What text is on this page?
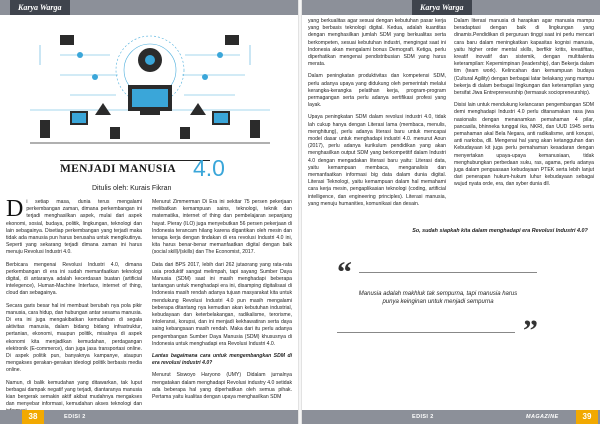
Karya Warga
MENJADI MANUSIA 4.0
Ditulis oleh: Kurais Fikran

Di setiap masa, dunia terus mengalami perkembangan zaman, dimana perkembangan ini terjadi menghasilkan aspek, mulai dari aspek ekonomi, sosial, budaya, politik, lingkungan, teknologi dan lain sebagainya. Disetiap perkembangan yang terjadi maka tidak ada manusia pun harus berusaha untuk mengikutinya. Seperti yang sekarang terjadi dimana zaman ini harus menuju Revolusi Industri 4.0.

Berbicara mengenai Revolusi Industri 4.0, dimana perkembangan di era ini sudah memanfaatkan teknologi digital, di antaranya adalah kecerdasan buatan (artificial intelegence), Human-Machine Interface, internet of thing, cloud dan sebagainya.

Secara garis besar hal ini membuat berubah nya pola pikir manusia, cara hidup, dan hubungan antar sesama manusia. Di era ini juga mengakibatkan kemudahan di segala aktivitas manusia, dalam bidang bidang infrastruktur, pertanian, ekonomi, maupun politik, misalnya di aspek ekonomi kita menjadikan kemudahan, perdagangan elektronik (E-commerce), dan juga jasa transportasi online. Di aspek politik pun, banyaknya kampanye, ataupun mengakses gerakan-gerakan ideologi politik berbasis media online.

Namun, di balik kemudahan yang ditawarkan, tak luput berbagai dampak negatif yang terjadi, diantaranya manusia kian bergerak semakin aktif akibat mudahnya mengakses dan menyebar informasi, kemudahan akses teknologi dan

Menurut Zimmerman Di Era ini sekitar 75 persen pekerjaan melibatkan kemampuan sains, teknologi, teknik dan matematika, internet of thing dan pembelajaran sepanjang hayat. Pieray (ILO) juga menyebutkan 56 persen pekerjaan di Indonesia terancam hilang karena digantikan oleh mesin dan tenaga kerja dengan tindakan di era revolusi Industri 4.0 ini, kita harus benar-benar memanfaatkan digital dengan baik (social skill)/(skills) dan The Economist, 2017.

Data dari BPS 2017, lebih dari 262 jutaorang yang rata-rata usia produktif sangat melimpah, tapi sayang Sumber Daya Manusia (SDM) saat ini masih menghadapi beberapa tantangan untuk menghadapi era ini, disamping digitalisasi di Indonesia masih rendah adanya tujuan masyarakat kita untuk mendukung Revolusi Industri 4.0 pun masih mengalami beberapa ditantang nya kemudian akan kebutuhan industrial, kebudayaan dan keterbelakangan, radikalisme, terorisme, intoleransi, korupsi, dan ini menjadi kekhawatiran serta daya saing kebangsaan masih rendah. Maka dari itu perlu adanya pengembangan Sumber Daya Manusia (SDM) khususnya di Indonesia untuk menghadapi era Revolusi Industri 4.0.

Lantas bagaimana cara untuk mengembangkan SDM di era revolusi industri 4.0?

Menurut Siswoyo Haryono (UMY) Didalam jurnalnya mengatakan dalam menghadapi Revolusi industry 4.0 setidak ada beberapa hal yang diperhatikan oleh semua pihak. Pertama yaitu kualitas dengan upaya menghasilkan SDM

38	EDISI 2
Karya Warga

yang berkualitas agar sesuai dengan kebutuhan pasar kerja yang berbasis teknologi digital. Kedua, adalah kuantitas dengan menghasilkan jumlah SDM yang berkualitas serta berkompeten, sesuai kebutuhan industri, mengingat saat ini Indonesia akan mengalami bonus Demografi. Ketiga, perlu diperhatikan mengenai pendistribusian SDM yang harus merata.

Dalam peningkatan produktivitas dan kompetensi SDM, perlu adanya upaya yang didukung oleh pemerintah melalui kerangka-kerangka pelatihan kerja, program-program permagangan serta perlu adanya sertifikasi profesi yang layak.

Upaya peningkatan SDM dalam revolusi industri 4.0, tidak lah cukup hanya dengan Literasi lama (membaca, menulis, menghitung), perlu adanya literasi baru untuk mencapai model dasar untuk menghadapi industri 4.0. menurut Aoun (2017), perlu adanya kurikulum pendidikan yang akan menghasilkan output SDM yang berkompetitif dalam Industri 4.0 dengan mengadakan literasi baru yaitu: Literasi data, yaitu kemampuan membaca, menganalisis dan memanfaatkan informasi big data dalam dunia digital. Literasi Teknologi, yaitu kemampuan dalam hal memahami cara kerja mesin, pengaplikasian teknologi (coding, artificial intelligence, dan engineering principles). Literasi manusia, yang menuju humanities, komunikasi dan desain.

Dalam literasi manusia di harapkan agar manusia mampu beradaptasi dengan baik di lingkungan yang dinamis.Pendidikan di perguruan tinggi saat ini perlu mencari cara baru dalam meningkatkan kapasitas kognisi manusia, yaitu higher order mental skills, berfikir kritis, kreatifitas, kreatif inovatif dan sistemik, dengan multitalenta keterampilan: Kepemimpinan (leadership), dan Bekerja dalam tim (team work). Kelincahan dan kemampuan budaya (Cultural Agility) dengan berbagai latar belakang yang mampu bekerja di dalam berbagai lingkungan dan keterampilan yang bersifat Jiwa Entrepreneurship (termasuk sociopreneurship).

Disisi lain untuk mendukung kelancaran pengembangan SDM demi menghadapi Industri 4.0 perlu ditanamakan rasa jiwa nasionalis dengan menanamkan pemahaman 4 pilar, pancasila, bhinneka tunggal ika, NKRI, dan UUD 1945 serta pemahaman akal Bela Negara, anti radikalisme, anti korupsi, anti narkoba, dll. Mengenai hal yang akan ketangguhan dan Kebudayaan kit juga perlu pemahaman kesadaran dengan menyertakan upaya-upaya kemanusiaan, tidak menghubungkan perbedaan suku, ras, agama, perlu adanya juga dalam penguasaan kebudayaan PTEK serta lebih lanjut dari penerapan hukum-hukum luhur kebudayaan sebagai wujud nyata orde, era, dan syber dunia dll.

EDISI 2	MAGAZINE	39
So, sudah siapkah kita dalam menghadapi era Revolusi Industri 4.0?
“
Manusia adalah makhluk tak sempurna, tapi manusia harus punya keinginan untuk menjadi sempurna
”
